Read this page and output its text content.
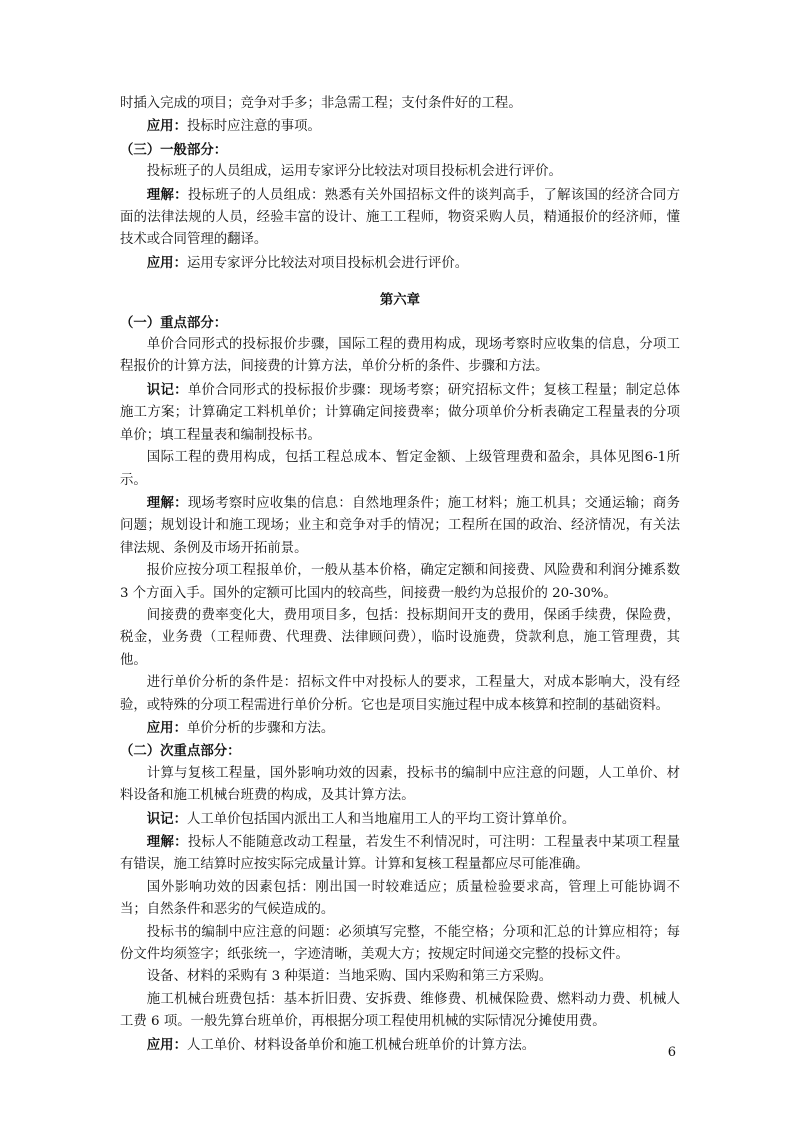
时插入完成的项目；竞争对手多；非急需工程；支付条件好的工程。

应用：投标时应注意的事项。

（三）一般部分：

投标班子的人员组成，运用专家评分比较法对项目投标机会进行评价。

理解：投标班子的人员组成：熟悉有关外国招标文件的谈判高手，了解该国的经济合同方面的法律法规的人员，经验丰富的设计、施工工程师，物资采购人员，精通报价的经济师，懂技术或合同管理的翻译。

应用：运用专家评分比较法对项目投标机会进行评价。

第六章

（一）重点部分：

单价合同形式的投标报价步骤，国际工程的费用构成，现场考察时应收集的信息，分项工程报价的计算方法，间接费的计算方法，单价分析的条件、步骤和方法。

识记：单价合同形式的投标报价步骤：现场考察；研究招标文件；复核工程量；制定总体施工方案；计算确定工料机单价；计算确定间接费率；做分项单价分析表确定工程量表的分项单价；填工程量表和编制投标书。

国际工程的费用构成，包括工程总成本、暂定金额、上级管理费和盈余，具体见图6-1所示。

理解：现场考察时应收集的信息：自然地理条件；施工材料；施工机具；交通运输；商务问题；规划设计和施工现场；业主和竞争对手的情况；工程所在国的政治、经济情况，有关法律法规、条例及市场开拓前景。

报价应按分项工程报单价，一般从基本价格，确定定额和间接费、风险费和利润分摊系数 3 个方面入手。国外的定额可比国内的较高些，间接费一般约为总报价的 20-30%。

间接费的费率变化大，费用项目多，包括：投标期间开支的费用，保函手续费，保险费，税金，业务费（工程师费、代理费、法律顾问费），临时设施费，贷款利息，施工管理费，其他。

进行单价分析的条件是：招标文件中对投标人的要求，工程量大，对成本影响大，没有经验，或特殊的分项工程需进行单价分析。它也是项目实施过程中成本核算和控制的基础资料。

应用：单价分析的步骤和方法。

（二）次重点部分：

计算与复核工程量，国外影响功效的因素，投标书的编制中应注意的问题，人工单价、材料设备和施工机械台班费的构成，及其计算方法。

识记：人工单价包括国内派出工人和当地雇用工人的平均工资计算单价。

理解：投标人不能随意改动工程量，若发生不利情况时，可注明：工程量表中某项工程量有错误，施工结算时应按实际完成量计算。计算和复核工程量都应尽可能准确。

国外影响功效的因素包括：刚出国一时较难适应；质量检验要求高，管理上可能协调不当；自然条件和恶劣的气候造成的。

投标书的编制中应注意的问题：必须填写完整，不能空格；分项和汇总的计算应相符；每份文件均须签字；纸张统一，字迹清晰，美观大方；按规定时间递交完整的投标文件。

设备、材料的采购有 3 种渠道：当地采购、国内采购和第三方采购。

施工机械台班费包括：基本折旧费、安拆费、维修费、机械保险费、燃料动力费、机械人工费 6 项。一般先算台班单价，再根据分项工程使用机械的实际情况分摊使用费。

应用：人工单价、材料设备单价和施工机械台班单价的计算方法。	6
